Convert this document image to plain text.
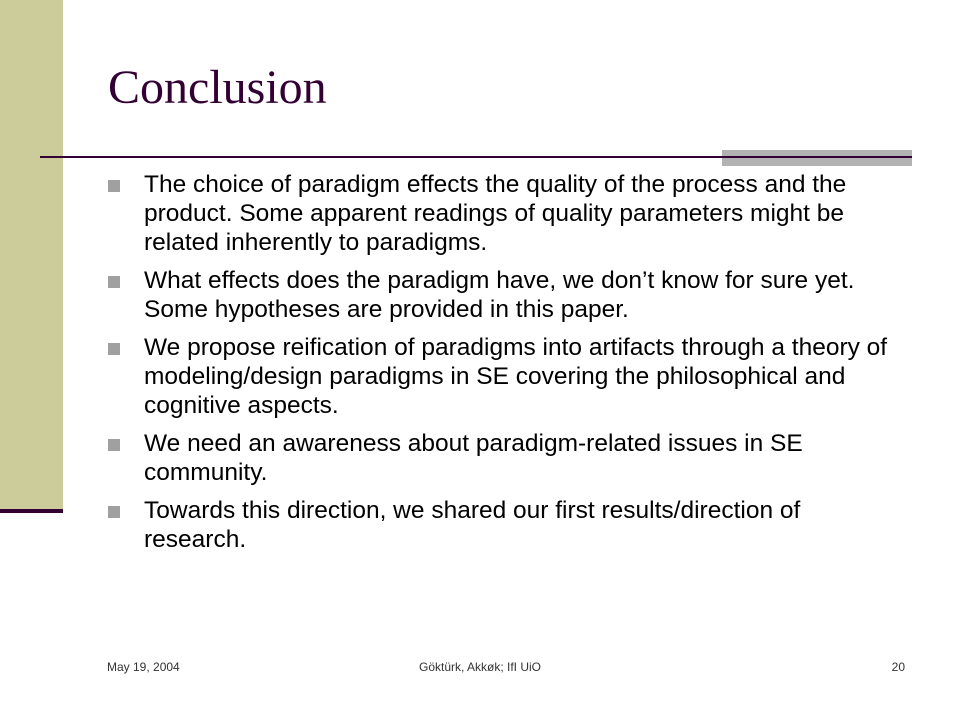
Conclusion
The choice of paradigm effects the quality of the process and the product. Some apparent readings of quality parameters might be related inherently to paradigms.
What effects does the paradigm have, we don’t know for sure yet. Some hypotheses are provided in this paper.
We propose reification of paradigms into artifacts through a theory of modeling/design paradigms in SE covering the philosophical and cognitive aspects.
We need an awareness about paradigm-related issues in SE community.
Towards this direction, we shared our first results/direction of research.
May 19, 2004	Göktürk, Akkøk; IfI UiO	20
